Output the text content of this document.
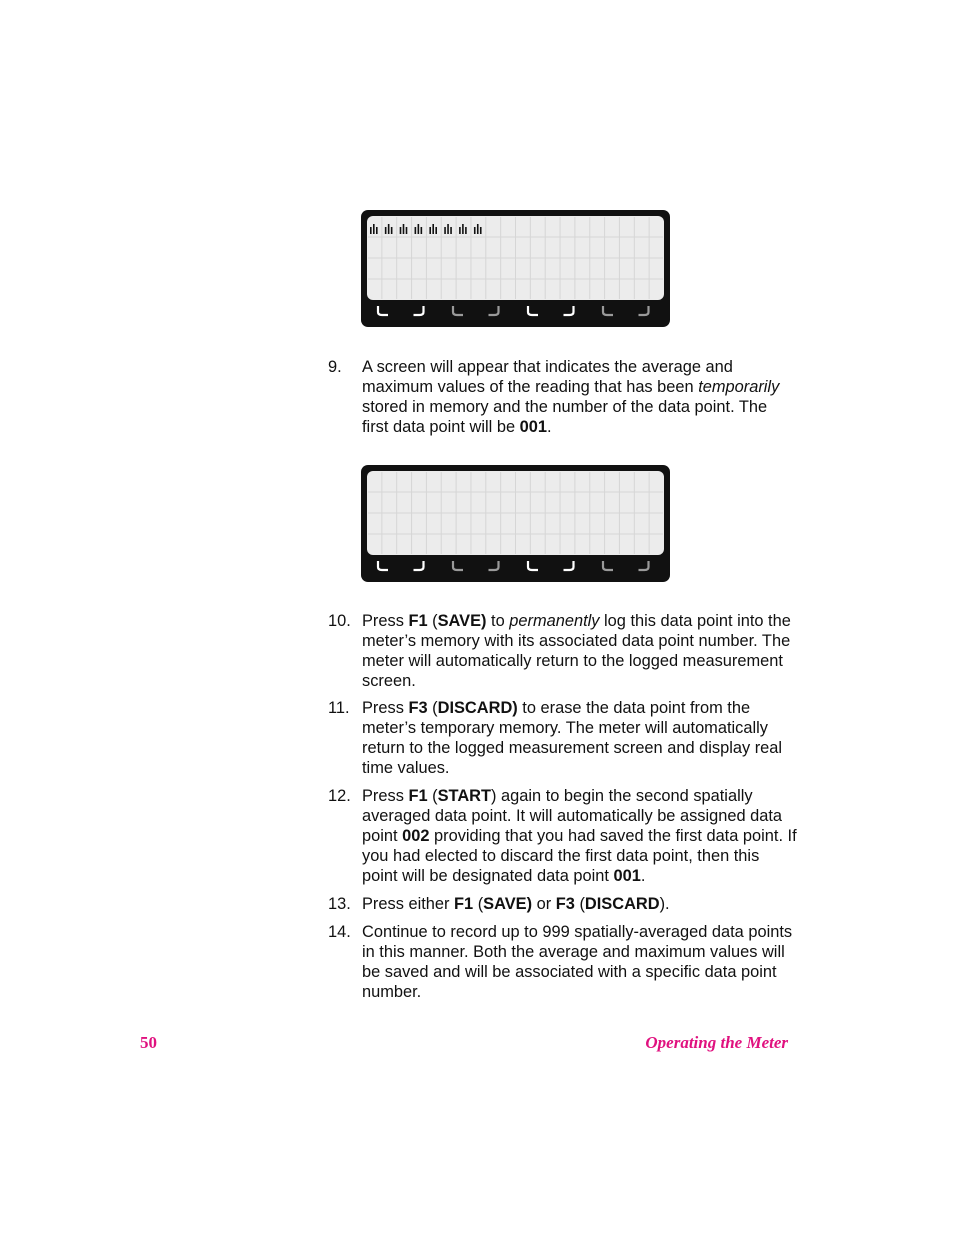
9. A screen will appear that indicates the average and maximum values of the reading that has been temporarily stored in memory and the number of the data point. The first data point will be 001.
10. Press F1 (SAVE) to permanently log this data point into the meter’s memory with its associated data point number. The meter will automatically return to the logged measurement screen.
11. Press F3 (DISCARD) to erase the data point from the meter’s temporary memory. The meter will automatically return to the logged measurement screen and display real time values.
12. Press F1 (START) again to begin the second spatially averaged data point. It will automatically be assigned data point 002 providing that you had saved the first data point. If you had elected to discard the first data point, then this point will be designated data point 001.
13. Press either F1 (SAVE) or F3 (DISCARD).
14. Continue to record up to 999 spatially-averaged data points in this manner. Both the average and maximum values will be saved and will be associated with a specific data point number.
50	Operating the Meter
